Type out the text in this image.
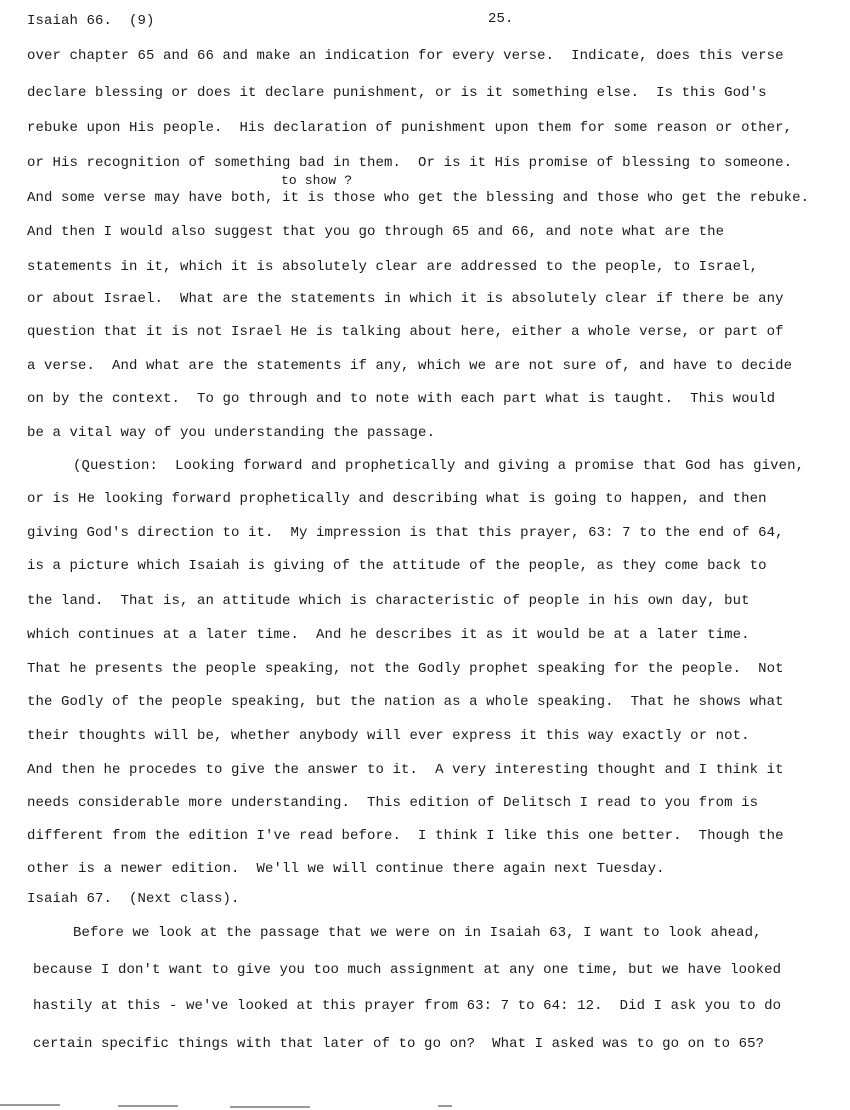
Isaiah 66.  (9)	25.
over chapter 65 and 66 and make an indication for every verse.  Indicate, does this verse
declare blessing or does it declare punishment, or is it something else.  Is this God's
rebuke upon His people.  His declaration of punishment upon them for some reason or other,
or His recognition of something bad in them.  Or is it His promise of blessing to someone.
to show ?
And some verse may have both, it is those who get the blessing and those who get the rebuke.
And then I would also suggest that you go through 65 and 66, and note what are the
statements in it, which it is absolutely clear are addressed to the people, to Israel,
or about Israel.  What are the statements in which it is absolutely clear if there be any
question that it is not Israel He is talking about here, either a whole verse, or part of
a verse.  And what are the statements if any, which we are not sure of, and have to decide
on by the context.  To go through and to note with each part what is taught.  This would
be a vital way of you understanding the passage.
(Question:  Looking forward and prophetically and giving a promise that God has given,
or is He looking forward prophetically and describing what is going to happen, and then
giving God's direction to it.  My impression is that this prayer, 63: 7 to the end of 64,
is a picture which Isaiah is giving of the attitude of the people, as they come back to
the land.  That is, an attitude which is characteristic of people in his own day, but
which continues at a later time.  And he describes it as it would be at a later time.
That he presents the people speaking, not the Godly prophet speaking for the people.  Not
the Godly of the people speaking, but the nation as a whole speaking.  That he shows what
their thoughts will be, whether anybody will ever express it this way exactly or not.
And then he procedes to give the answer to it.  A very interesting thought and I think it
needs considerable more understanding.  This edition of Delitsch I read to you from is
different from the edition I've read before.  I think I like this one better.  Though the
other is a newer edition.  We'll we will continue there again next Tuesday.
Isaiah 67.  (Next class).
Before we look at the passage that we were on in Isaiah 63, I want to look ahead,
because I don't want to give you too much assignment at any one time, but we have looked
hastily at this - we've looked at this prayer from 63: 7 to 64: 12.  Did I ask you to do
certain specific things with that later of to go on?  What I asked was to go on to 65?
